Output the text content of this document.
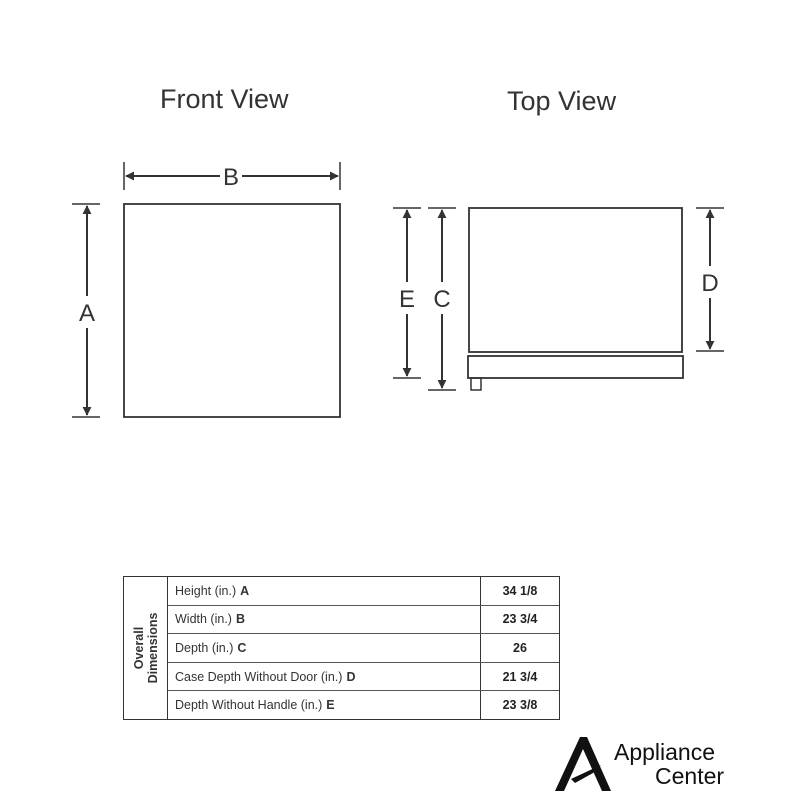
Front View	Top View
B
A
E C
D
Overall
Dimensions
Height (in.) A	34 1/8
Width (in.) B	23 3/4
Depth (in.) C	26
Case Depth Without Door (in.) D	21 3/4
Depth Without Handle (in.) E	23 3/8
Appliance
Center
